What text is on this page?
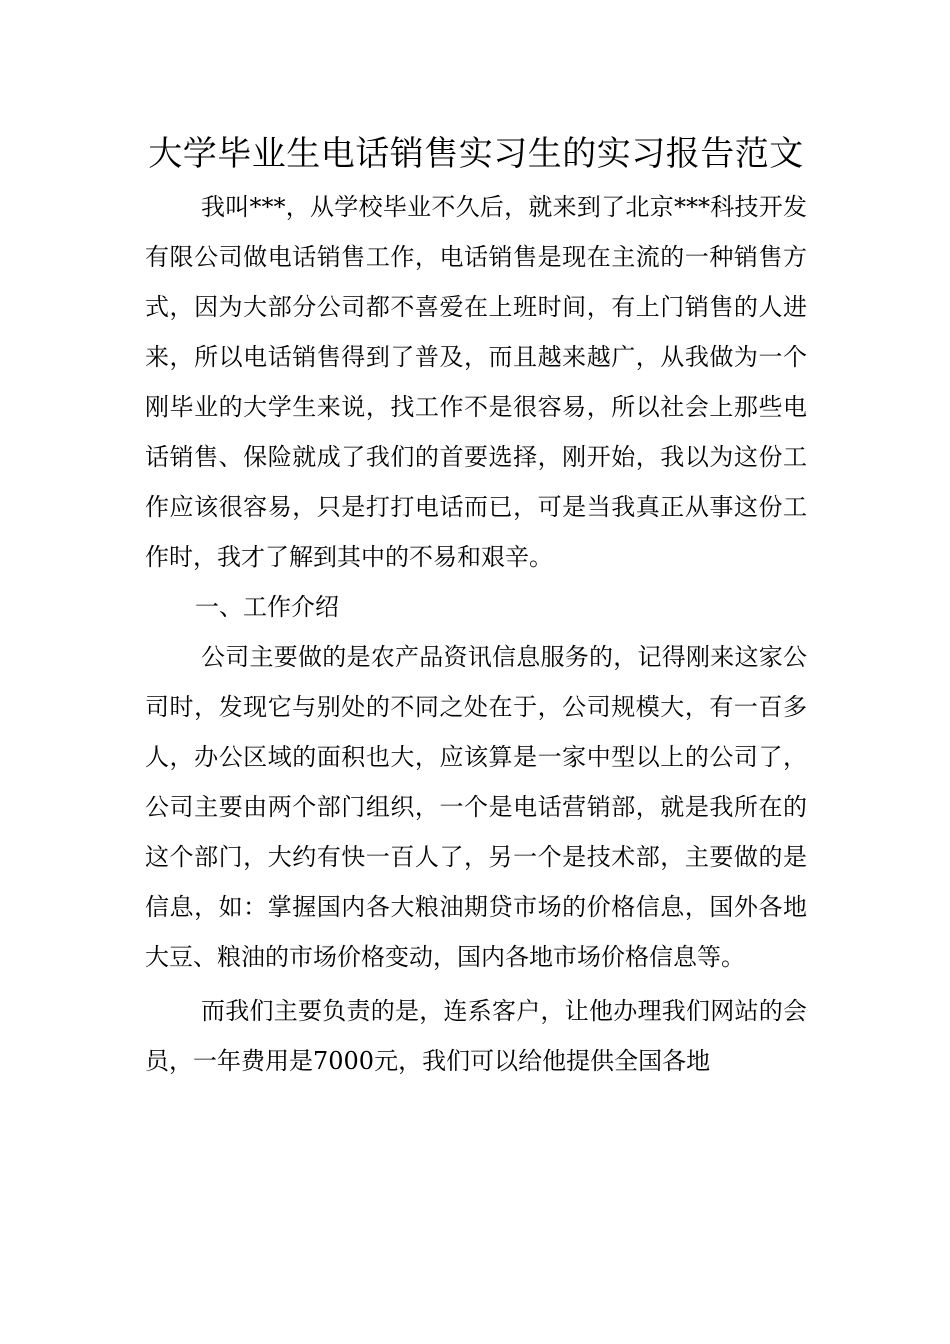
大学毕业生电话销售实习生的实习报告范文

我叫***，从学校毕业不久后，就来到了北京***科技开发有限公司做电话销售工作，电话销售是现在主流的一种销售方式，因为大部分公司都不喜爱在上班时间，有上门销售的人进来，所以电话销售得到了普及，而且越来越广，从我做为一个刚毕业的大学生来说，找工作不是很容易，所以社会上那些电话销售、保险就成了我们的首要选择，刚开始，我以为这份工作应该很容易，只是打打电话而已，可是当我真正从事这份工作时，我才了解到其中的不易和艰辛。

一、工作介绍

公司主要做的是农产品资讯信息服务的，记得刚来这家公司时，发现它与别处的不同之处在于，公司规模大，有一百多人，办公区域的面积也大，应该算是一家中型以上的公司了，公司主要由两个部门组织，一个是电话营销部，就是我所在的这个部门，大约有快一百人了，另一个是技术部，主要做的是信息，如：掌握国内各大粮油期贷市场的价格信息，国外各地大豆、粮油的市场价格变动，国内各地市场价格信息等。

而我们主要负责的是，连系客户，让他办理我们网站的会员，一年费用是7000元，我们可以给他提供全国各地
